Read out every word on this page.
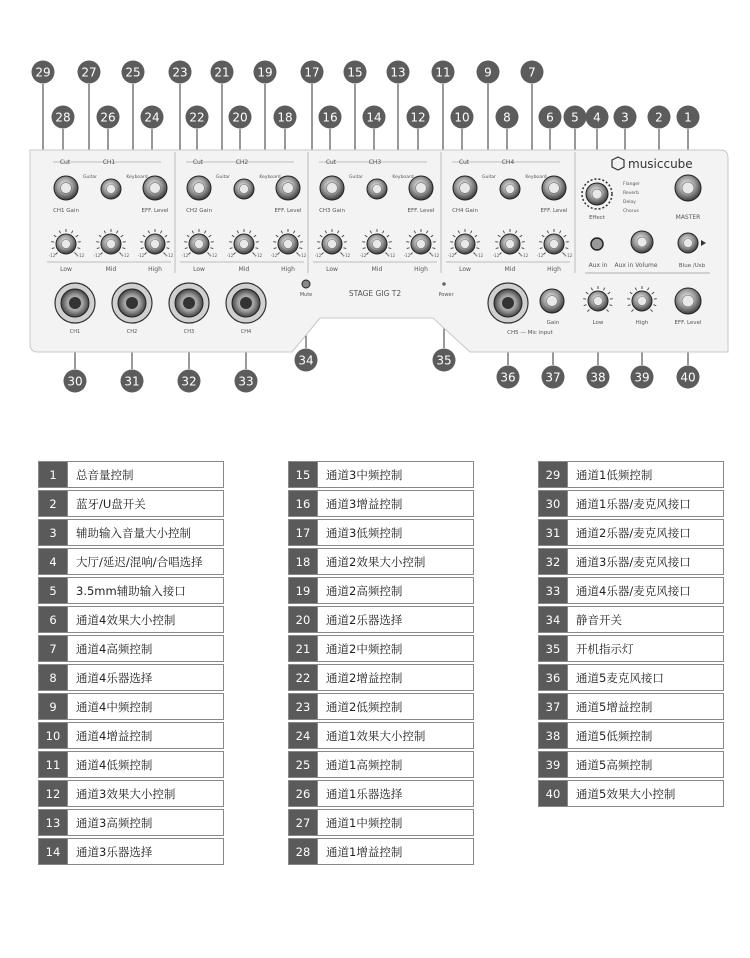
Cut	CH1
Guitar	Keyboard
CH1 Gain	EFF. Level
-12	+12 -12	+12 -12	+12
Low	Mid	High
Cut	CH2
Guitar	Keyboard
CH2 Gain	EFF. Level
-12	+12 -12	+12 -12	+12
Low	Mid	High
Cut	CH3
Guitar	Keyboard
CH3 Gain	EFF. Level
-12	+12 -12	+12 -12	+12
Low	Mid	High
Cut	CH4
Guitar	Keyboard
CH4 Gain	EFF. Level
-12	+12 -12	+12 -12	+12
Low	Mid	High
musiccube
Effect
Flanger
Reverb
Delay
Chorus
MASTER
Aux in Aux in Volume	Blue /Usb
CH1	CH2	CH3	CH4
Mute	STAGE GIG T2	Power
CH5 — Mic input
Gain	Low	High	EFF. Level
29	27 25	23 21 19	17 15 13 11	9	7
28 26 24 22 20 18 16 14 12 10	8	6 5 4 3 2 1
30	31	32	33
34	35
36 37 38 39	40
1	总音量控制

2	蓝牙/U盘开关

3	辅助输入音量大小控制

4	大厅/延迟/混响/合唱选择

5	3.5mm辅助输入接口

6	通道4效果大小控制

7	通道4高频控制

8	通道4乐器选择

9	通道4中频控制

10	通道4增益控制

11	通道4低频控制

12	通道3效果大小控制

13	通道3高频控制

14	通道3乐器选择
15	通道3中频控制

16	通道3增益控制

17	通道3低频控制

18	通道2效果大小控制

19	通道2高频控制

20	通道2乐器选择

21	通道2中频控制

22	通道2增益控制

23	通道2低频控制

24	通道1效果大小控制

25	通道1高频控制

26	通道1乐器选择

27	通道1中频控制

28	通道1增益控制
29	通道1低频控制

30	通道1乐器/麦克风接口

31	通道2乐器/麦克风接口

32	通道3乐器/麦克风接口

33	通道4乐器/麦克风接口

34	静音开关

35	开机指示灯

36	通道5麦克风接口

37	通道5增益控制

38	通道5低频控制

39	通道5高频控制

40	通道5效果大小控制
